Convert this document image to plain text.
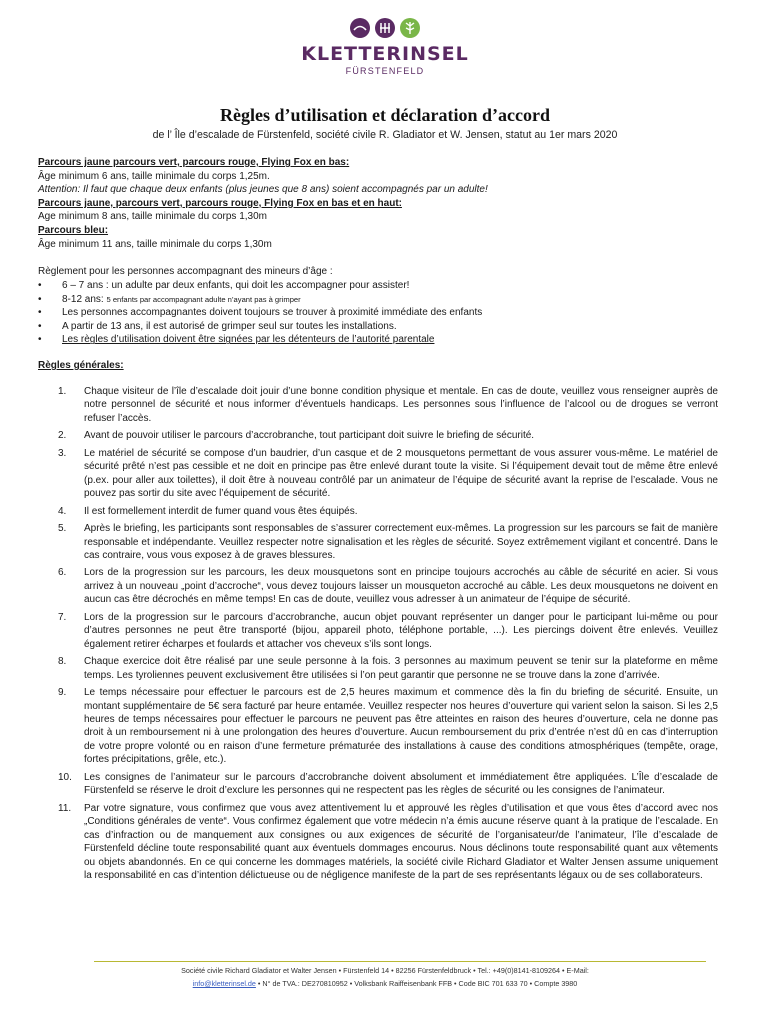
KLETTERINSEL
FÜRSTENFELD
Règles d’utilisation et déclaration d’accord
de l’ Île d’escalade de Fürstenfeld, société civile R. Gladiator et W. Jensen, statut au 1er mars 2020
Parcours jaune parcours vert, parcours rouge, Flying Fox en bas:
Âge minimum 6 ans, taille minimale du corps 1,25m.
Attention: Il faut que chaque deux enfants (plus jeunes que 8 ans) soient accompagnés par un adulte!
Parcours jaune, parcours vert, parcours rouge, Flying Fox en bas et en haut:
Age minimum 8 ans, taille minimale du corps 1,30m
Parcours bleu:
Âge minimum 11 ans, taille minimale du corps 1,30m
Règlement pour les personnes accompagnant des mineurs d’âge :
•	6 – 7 ans : un adulte par deux enfants, qui doit les accompagner pour assister!
•	8-12 ans: 5 enfants par accompagnant adulte n’ayant pas à grimper
•	Les personnes accompagnantes doivent toujours se trouver à proximité immédiate des enfants
•	A partir de 13 ans, il est autorisé de grimper seul sur toutes les installations.
•	Les règles d’utilisation doivent être signées par les détenteurs de l’autorité parentale
Règles générales:
1.	Chaque visiteur de l’île d’escalade doit jouir d’une bonne condition physique et mentale. En cas de doute, veuillez vous renseigner auprès de notre personnel de sécurité et nous informer d’éventuels handicaps. Les personnes sous l’influence de l’alcool ou de drogues se verront refuser l’accès.
2.	Avant de pouvoir utiliser le parcours d’accrobranche, tout participant doit suivre le briefing de sécurité.
3.	Le matériel de sécurité se compose d’un baudrier, d’un casque et de 2 mousquetons permettant de vous assurer vous-même. Le matériel de sécurité prêté n’est pas cessible et ne doit en principe pas être enlevé durant toute la visite. Si l’équipement devait tout de même être enlevé (p.ex. pour aller aux toilettes), il doit être à nouveau contrôlé par un animateur de l’équipe de sécurité avant la reprise de l’escalade. Vous ne pouvez pas sortir du site avec l’équipement de sécurité.
4.	Il est formellement interdit de fumer quand vous êtes équipés.
5.	Après le briefing, les participants sont responsables de s’assurer correctement eux-mêmes. La progression sur les parcours se fait de manière responsable et indépendante. Veuillez respecter notre signalisation et les règles de sécurité. Soyez extrêmement vigilant et concentré. Dans le cas contraire, vous vous exposez à de graves blessures.
6.	Lors de la progression sur les parcours, les deux mousquetons sont en principe toujours accrochés au câble de sécurité en acier. Si vous arrivez à un nouveau „point d’accroche“, vous devez toujours laisser un mousqueton accroché au câble. Les deux mousquetons ne doivent en aucun cas être décrochés en même temps! En cas de doute, veuillez vous adresser à un animateur de l’équipe de sécurité.
7.	Lors de la progression sur le parcours d’accrobranche, aucun objet pouvant représenter un danger pour le participant lui-même ou pour d’autres personnes ne peut être transporté (bijou, appareil photo, téléphone portable, ...). Les piercings doivent être enlevés. Veuillez également retirer écharpes et foulards et attacher vos cheveux s’ils sont longs.
8.	Chaque exercice doit être réalisé par une seule personne à la fois. 3 personnes au maximum peuvent se tenir sur la plateforme en même temps. Les tyroliennes peuvent exclusivement être utilisées si l’on peut garantir que personne ne se trouve dans la zone d’arrivée.
9.	Le temps nécessaire pour effectuer le parcours est de 2,5 heures maximum et commence dès la fin du briefing de sécurité. Ensuite, un montant supplémentaire de 5€ sera facturé par heure entamée. Veuillez respecter nos heures d’ouverture qui varient selon la saison. Si les 2,5 heures de temps nécessaires pour effectuer le parcours ne peuvent pas être atteintes en raison des heures d’ouverture, cela ne donne pas droit à un remboursement ni à une prolongation des heures d’ouverture. Aucun remboursement du prix d’entrée n’est dû en cas d’interruption de votre propre volonté ou en raison d’une fermeture prématurée des installations à cause des conditions atmosphériques (tempête, orage, fortes précipitations, grêle, etc.).
10.	Les consignes de l’animateur sur le parcours d’accrobranche doivent absolument et immédiatement être appliquées. L’Île d’escalade de Fürstenfeld se réserve le droit d’exclure les personnes qui ne respectent pas les règles de sécurité ou les consignes de l’animateur.
11.	Par votre signature, vous confirmez que vous avez attentivement lu et approuvé les règles d’utilisation et que vous êtes d’accord avec nos „Conditions générales de vente“. Vous confirmez également que votre médecin n’a émis aucune réserve quant à la pratique de l’escalade. En cas d’infraction ou de manquement aux consignes ou aux exigences de sécurité de l’organisateur/de l’animateur, l’île d’escalade de Fürstenfeld décline toute responsabilité quant aux éventuels dommages encourus. Nous déclinons toute responsabilité quant aux vêtements ou objets abandonnés. En ce qui concerne les dommages matériels, la société civile Richard Gladiator et Walter Jensen assume uniquement la responsabilité en cas d’intention délictueuse ou de négligence manifeste de la part de ses représentants légaux ou de ses collaborateurs.
Société civile Richard Gladiator et Walter Jensen • Fürstenfeld 14 • 82256 Fürstenfeldbruck • Tel.: +49(0)8141-8109264 • E-Mail:
info@kletterinsel.de • N° de TVA.: DE270810952 • Volksbank Raiffeisenbank FFB • Code BIC 701 633 70 • Compte 3980
